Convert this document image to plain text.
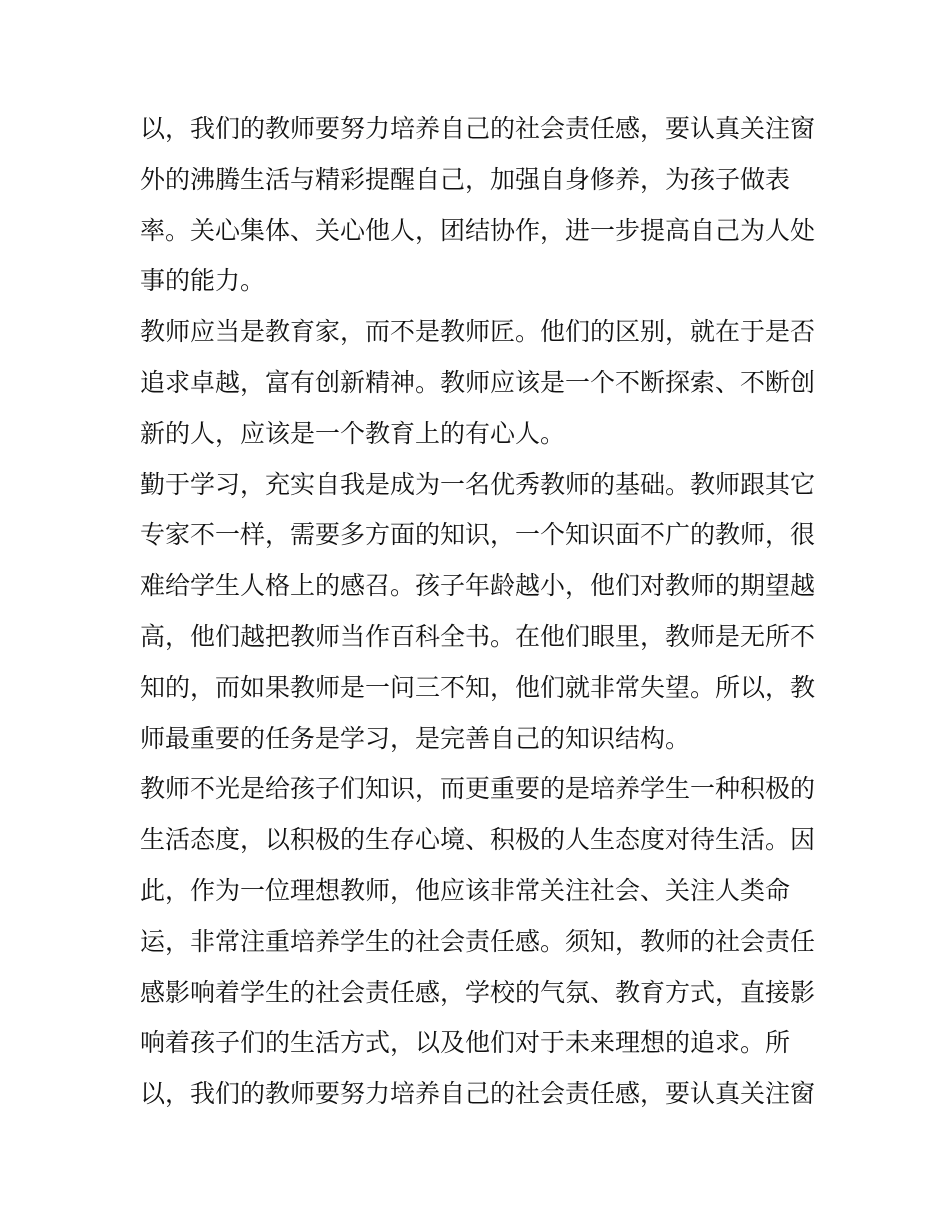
以，我们的教师要努力培养自己的社会责任感，要认真关注窗
外的沸腾生活与精彩提醒自己，加强自身修养，为孩子做表
率。关心集体、关心他人，团结协作，进一步提高自己为人处
事的能力。
教师应当是教育家，而不是教师匠。他们的区别，就在于是否
追求卓越，富有创新精神。教师应该是一个不断探索、不断创
新的人，应该是一个教育上的有心人。
勤于学习，充实自我是成为一名优秀教师的基础。教师跟其它
专家不一样，需要多方面的知识，一个知识面不广的教师，很
难给学生人格上的感召。孩子年龄越小，他们对教师的期望越
高，他们越把教师当作百科全书。在他们眼里，教师是无所不
知的，而如果教师是一问三不知，他们就非常失望。所以，教
师最重要的任务是学习，是完善自己的知识结构。
教师不光是给孩子们知识，而更重要的是培养学生一种积极的
生活态度，以积极的生存心境、积极的人生态度对待生活。因
此，作为一位理想教师，他应该非常关注社会、关注人类命
运，非常注重培养学生的社会责任感。须知，教师的社会责任
感影响着学生的社会责任感，学校的气氛、教育方式，直接影
响着孩子们的生活方式，以及他们对于未来理想的追求。所
以，我们的教师要努力培养自己的社会责任感，要认真关注窗
